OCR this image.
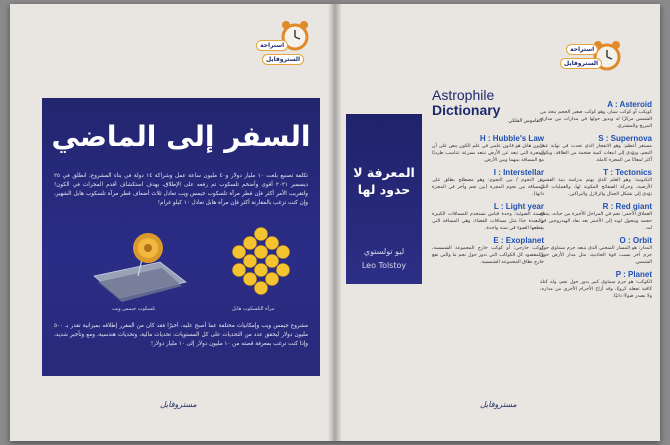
السفر إلى الماضي
تكلفة تصنيع بلغت ١٠ مليار دولار و٤٠ مليون ساعة عمل وشراكة ١٤ دولة في بناء المشروع، انطلق في ٢٥ ديسمبر ٢٠٢١ أقوى وأضخم تلسكوب تم رفعه على الإطلاق، بهدف استكشاف أقدم المجرات في الكون! ولتقريب الأمر أكثر فإن قطر مرآة تلسكوب جيمس ويب تعادل ثلاث أضعاف قطر مرآة تلسكوب هابل الشهير، وإن كنت ترغب بالمقارنة أكثر فإن مرآة هابل تعادل ١٠ كيلو غرام!
تلسكوب جيمس ويب	مرآة التلسكوب هابل
مشروع جيمس ويب وإمكانيات مختلفة عما أصبح عليه، أخيرًا فقد كان من المقرر إطلاقه بميزانية تقدر بـ ٥٠٠ مليون دولار ليحقق عدد من التحديات على كل المستويات، تحديات مالية، وتحديات هندسية، ومع وتأخير شديد، وإذا كنت ترغب بمعرفة قصته من ١٠ مليون دولار إلى ١٠ مليار دولار!
مستروفايل
استراحة
الستروفايل
استراحة
الستروفايل
المعرفة لا حدود لها
ليو تولستوي
Leo Tolstoy
Astrophile
Dictionary
القاموس الفلكي
H : Hubble's Law
قانون هابل هو قانون علمي في علم الكون ينص على أن المجرة التي تبعد عن الأرض تبتعد بسرعة تتناسب طرديًا مع المسافة بينهما وبين الأرض.
I : Interstellar
بين النجوم / بين النجوم: وهو مصطلح يطلق على المسافة بين نجوم المجرة (بين نجم وآخر في المجرة ذاتها).
L : Light year
السنة الضوئية: وحدة قياس تستخدم للمسافات الكبيرة والبعيدة جدًا مثل مسافات الفضاء، وهي المسافة التي يقطعها الضوء في سنة واحدة.
E : Exoplanet
كوكب خارجي: أو كوكب خارج المجموعة الشمسية، والمقصود كل الكواكب التي تدور حول نجم ما والتي تقع خارج نطاق المجموعة الشمسية.
A : Asteroid
كويكب أو كوكب سيار، وهو كوكب صغير الحجم يتخذ من الشمس مركزًا له ويدور حولها في مدارات بين مداري المريخ والمشتري.
S : Supernova
مستعر أعظم: وهو الانفجار الذي تحدث في نهاية عمر النجم، ويؤدي إلى انبعاث كمية ضخمة من الطاقة، ويكون أكثر لمعانًا من المجرة كاملة.
T : Tectonics
التكتونية: وهو العلم الذي يهتم بدراسة بنية القشرة الأرضية، وحركة الصفائح المكونة لها، والعمليات التي تؤدي إلى تشكل الجبال والزلازل والبراكين.
R : Red giant
العملاق الأحمر: نجم في المراحل الأخيرة من حياته، ينتفخ حجمه ويتحول لونه إلى الأحمر بعد نفاد الهيدروجين في لبه.
O : Orbit
المدار: هو المسار المنحني الذي يتبعه جرم سماوي حول جرم آخر بسبب قوة الجاذبية، مثل مدار الأرض حول الشمس.
P : Planet
الكوكب: هو جرم سماوي كبير يدور حول نجم، وله كتلة كافية تجعله كرويًا، وقد أزاح الأجرام الأخرى من مداره، ولا يصدر ضوءًا ذاتيًا.
مستروفايل
